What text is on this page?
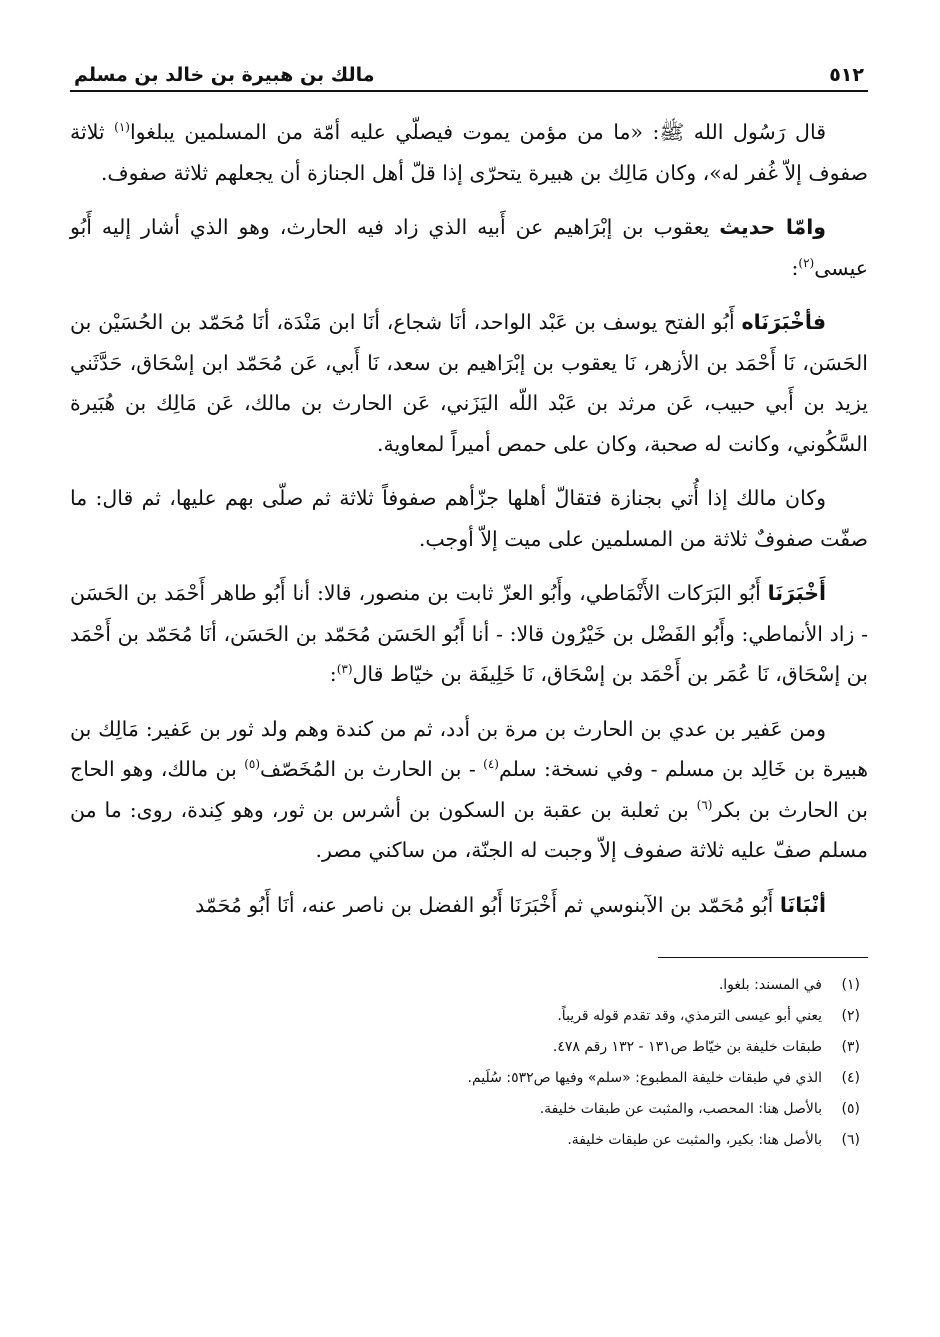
٥١٢
مالك بن هبيرة بن خالد بن مسلم

قال رَسُول الله ﷺ: «ما من مؤمن يموت فيصلّي عليه أمّة من المسلمين يبلغوا$^{(١)}$ ثلاثة صفوف إلاّ غُفر له»، وكان مَالِك بن هبيرة يتحرّى إذا قلّ أهل الجنازة أن يجعلهم ثلاثة صفوف.

وامّا حديث يعقوب بن إبْرَاهيم عن أَبيه الذي زاد فيه الحارث، وهو الذي أشار إليه أَبُو عيسى$^{(٢)}$:

فأخْبَرَنَاه أَبُو الفتح يوسف بن عَبْد الواحد، أنَا شجاع، أنَا ابن مَنْدَة، أنَا مُحَمّد بن الحُسَيْن بن الحَسَن، نَا أَحْمَد بن الأزهر، نَا يعقوب بن إبْرَاهيم بن سعد، نَا أَبي، عَن مُحَمّد ابن إسْحَاق، حَدَّثَني يزيد بن أَبي حبيب، عَن مرثد بن عَبْد اللّه اليَزَني، عَن الحارث بن مالك، عَن مَالِك بن هُبَيرة السَّكُوني، وكانت له صحبة، وكان على حمص أميراً لمعاوية.

وكان مالك إذا أُتي بجنازة فتقالّ أهلها جزّأهم صفوفاً ثلاثة ثم صلّى بهم عليها، ثم قال: ما صفّت صفوفٌ ثلاثة من المسلمين على ميت إلاّ أوجب.

أَخْبَرَنَا أَبُو البَرَكات الأَنْمَاطي، وأَبُو العزّ ثابت بن منصور، قالا: أنا أَبُو طاهر أَحْمَد بن الحَسَن - زاد الأنماطي: وأَبُو الفَضْل بن خَيْرُون قالا: - أنا أَبُو الحَسَن مُحَمّد بن الحَسَن، أنَا مُحَمّد بن أَحْمَد بن إسْحَاق، نَا عُمَر بن أَحْمَد بن إسْحَاق، نَا خَلِيفَة بن خيّاط قال$^{(٣)}$:

ومن عَفير بن عدي بن الحارث بن مرة بن أدد، ثم من كندة وهم ولد ثور بن عَفير: مَالِك بن هبيرة بن خَالِد بن مسلم - وفي نسخة: سلم$^{(٤)}$ - بن الحارث بن المُخَصّف$^{(٥)}$ بن مالك، وهو الحاج بن الحارث بن بكر$^{(٦)}$ بن ثعلبة بن عقبة بن السكون بن أشرس بن ثور، وهو كِندة، روى: ما من مسلم صفّ عليه ثلاثة صفوف إلاّ وجبت له الجنّة، من ساكني مصر.

أنْبَانَا أَبُو مُحَمّد بن الآبنوسي ثم أَخْبَرَنَا أَبُو الفضل بن ناصر عنه، أنَا أَبُو مُحَمّد

(١)
في المسند: بلغوا.
(٢)
يعني أبو عيسى الترمذي، وقد تقدم قوله قريباً.
(٣)
طبقات خليفة بن خيّاط ص١٣١ - ١٣٢ رقم ٤٧٨.
(٤)
الذي في طبقات خليفة المطبوع: «سلم» وفيها ص٥٣٢: سُلَيم.
(٥)
بالأصل هنا: المحصب، والمثبت عن طبقات خليفة.
(٦)
بالأصل هنا: بكير، والمثبت عن طبقات خليفة.
